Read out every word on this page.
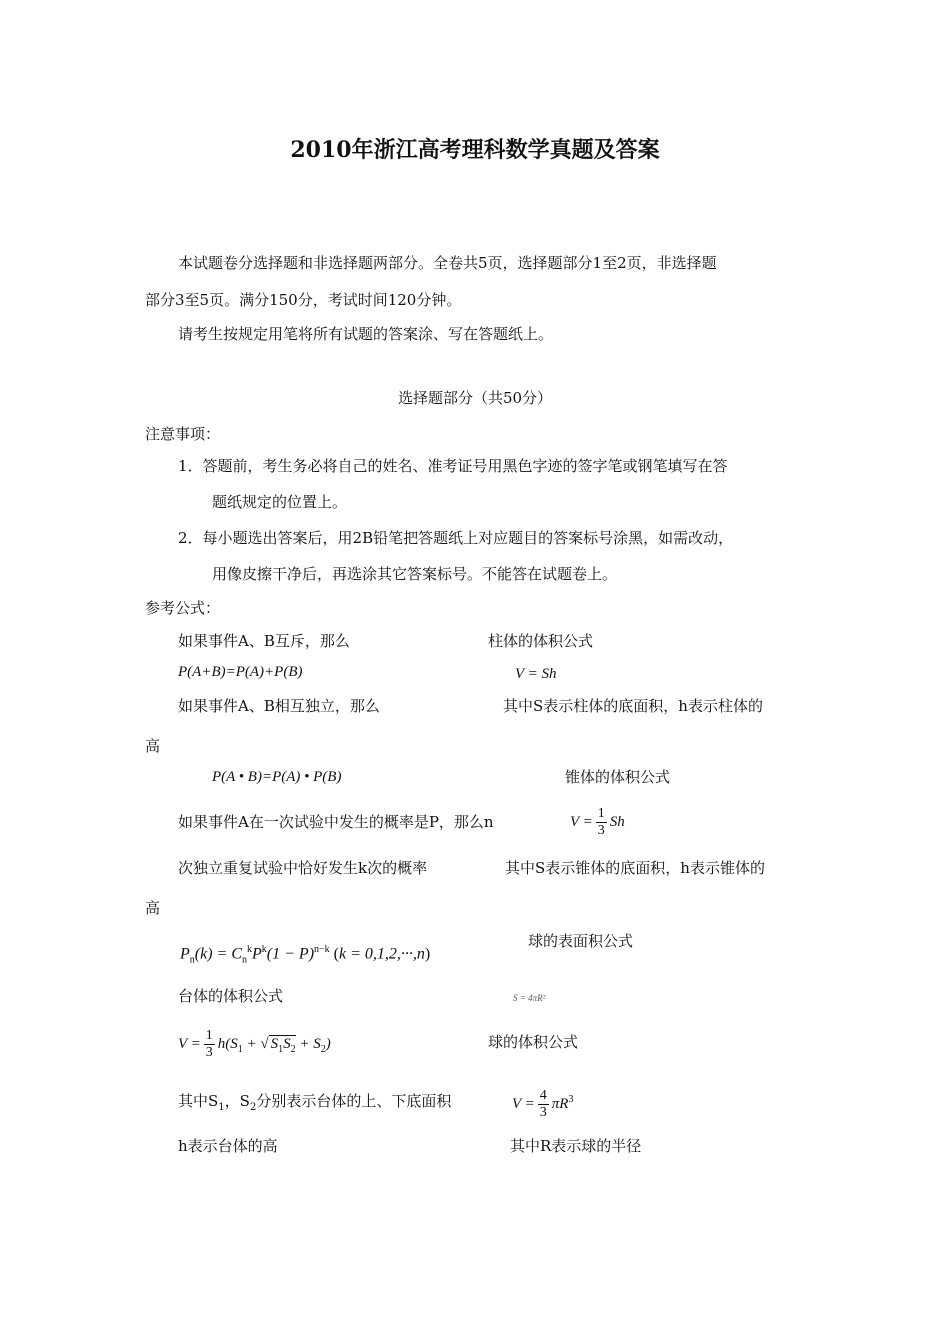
2010年浙江高考理科数学真题及答案
本试题卷分选择题和非选择题两部分。全卷共5页，选择题部分1至2页，非选择题
部分3至5页。满分150分，考试时间120分钟。
请考生按规定用笔将所有试题的答案涂、写在答题纸上。
选择题部分（共50分）
注意事项：
1．答题前，考生务必将自己的姓名、准考证号用黑色字迹的签字笔或钢笔填写在答
题纸规定的位置上。
2．每小题选出答案后，用2B铅笔把答题纸上对应题目的答案标号涂黑，如需改动，
用像皮擦干净后，再选涂其它答案标号。不能答在试题卷上。
参考公式：
如果事件A、B互斥，那么	柱体的体积公式
P(A+B)=P(A)+P(B)	V = Sh
如果事件A、B相互独立，那么	其中S表示柱体的底面积，h表示柱体的
高
P(A • B)=P(A) • P(B)	锥体的体积公式
如果事件A在一次试验中发生的概率是P，那么n	$V = \frac{1}{3}$ Sh
次独立重复试验中恰好发生k次的概率	其中S表示锥体的底面积，h表示锥体的
高
$P_n(k) = C_n^kP^k(1 - P)^{n-k}$ (k = 0,1,2,···,n)
球的表面积公式
台体的体积公式	S = 4πR²
$V = \frac{1}{3} h(S_1$ + √ $S_1S_2 + S_2$)	球的体积公式
其中$S_1$，$S_2$分别表示台体的上、下底面积	$V = \frac{4}{3} \pi R^3$
h表示台体的高	其中R表示球的半径
